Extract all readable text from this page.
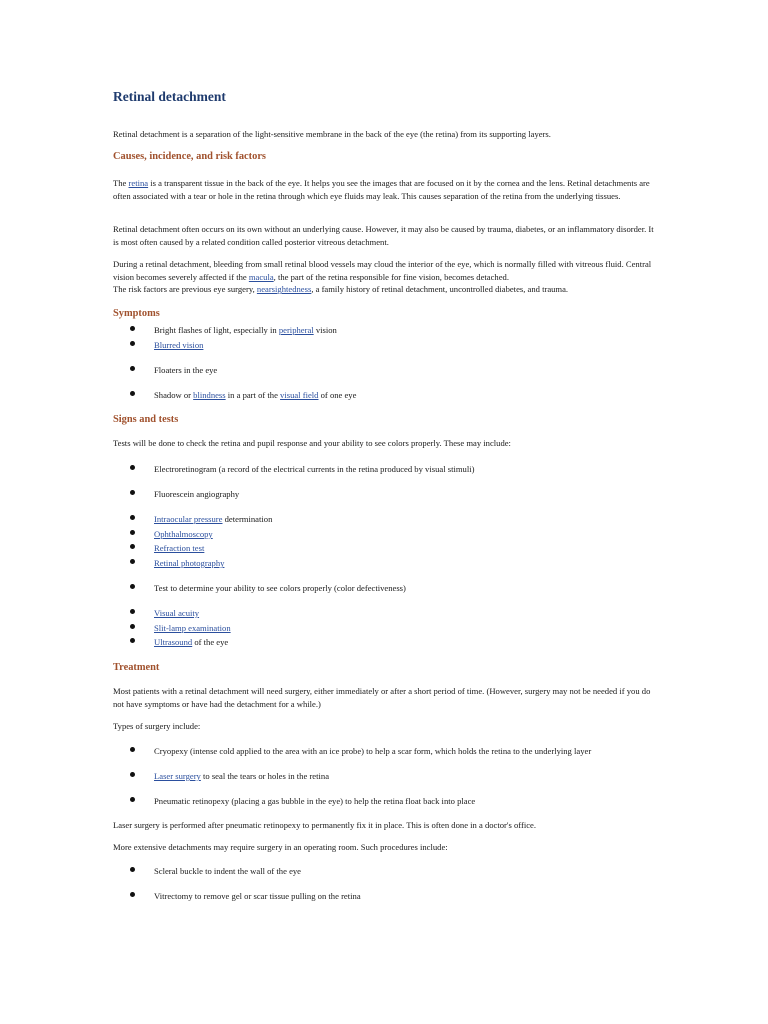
Retinal detachment

Retinal detachment is a separation of the light-sensitive membrane in the back of the eye (the retina) from its supporting layers.

Causes, incidence, and risk factors

The retina is a transparent tissue in the back of the eye. It helps you see the images that are focused on it by the cornea and the lens. Retinal detachments are often associated with a tear or hole in the retina through which eye fluids may leak. This causes separation of the retina from the underlying tissues.

Retinal detachment often occurs on its own without an underlying cause. However, it may also be caused by trauma, diabetes, or an inflammatory disorder. It is most often caused by a related condition called posterior vitreous detachment.

During a retinal detachment, bleeding from small retinal blood vessels may cloud the interior of the eye, which is normally filled with vitreous fluid. Central vision becomes severely affected if the macula, the part of the retina responsible for fine vision, becomes detached.
The risk factors are previous eye surgery, nearsightedness, a family history of retinal detachment, uncontrolled diabetes, and trauma.

Symptoms

Bright flashes of light, especially in peripheral vision

Blurred vision

Floaters in the eye

Shadow or blindness in a part of the visual field of one eye

Signs and tests

Tests will be done to check the retina and pupil response and your ability to see colors properly. These may include:

Electroretinogram (a record of the electrical currents in the retina produced by visual stimuli)

Fluorescein angiography

Intraocular pressure determination

Ophthalmoscopy

Refraction test

Retinal photography

Test to determine your ability to see colors properly (color defectiveness)

Visual acuity

Slit-lamp examination

Ultrasound of the eye

Treatment

Most patients with a retinal detachment will need surgery, either immediately or after a short period of time. (However, surgery may not be needed if you do not have symptoms or have had the detachment for a while.)

Types of surgery include:

Cryopexy (intense cold applied to the area with an ice probe) to help a scar form, which holds the retina to the underlying layer

Laser surgery to seal the tears or holes in the retina

Pneumatic retinopexy (placing a gas bubble in the eye) to help the retina float back into place

Laser surgery is performed after pneumatic retinopexy to permanently fix it in place. This is often done in a doctor's office.

More extensive detachments may require surgery in an operating room. Such procedures include:

Scleral buckle to indent the wall of the eye

Vitrectomy to remove gel or scar tissue pulling on the retina
